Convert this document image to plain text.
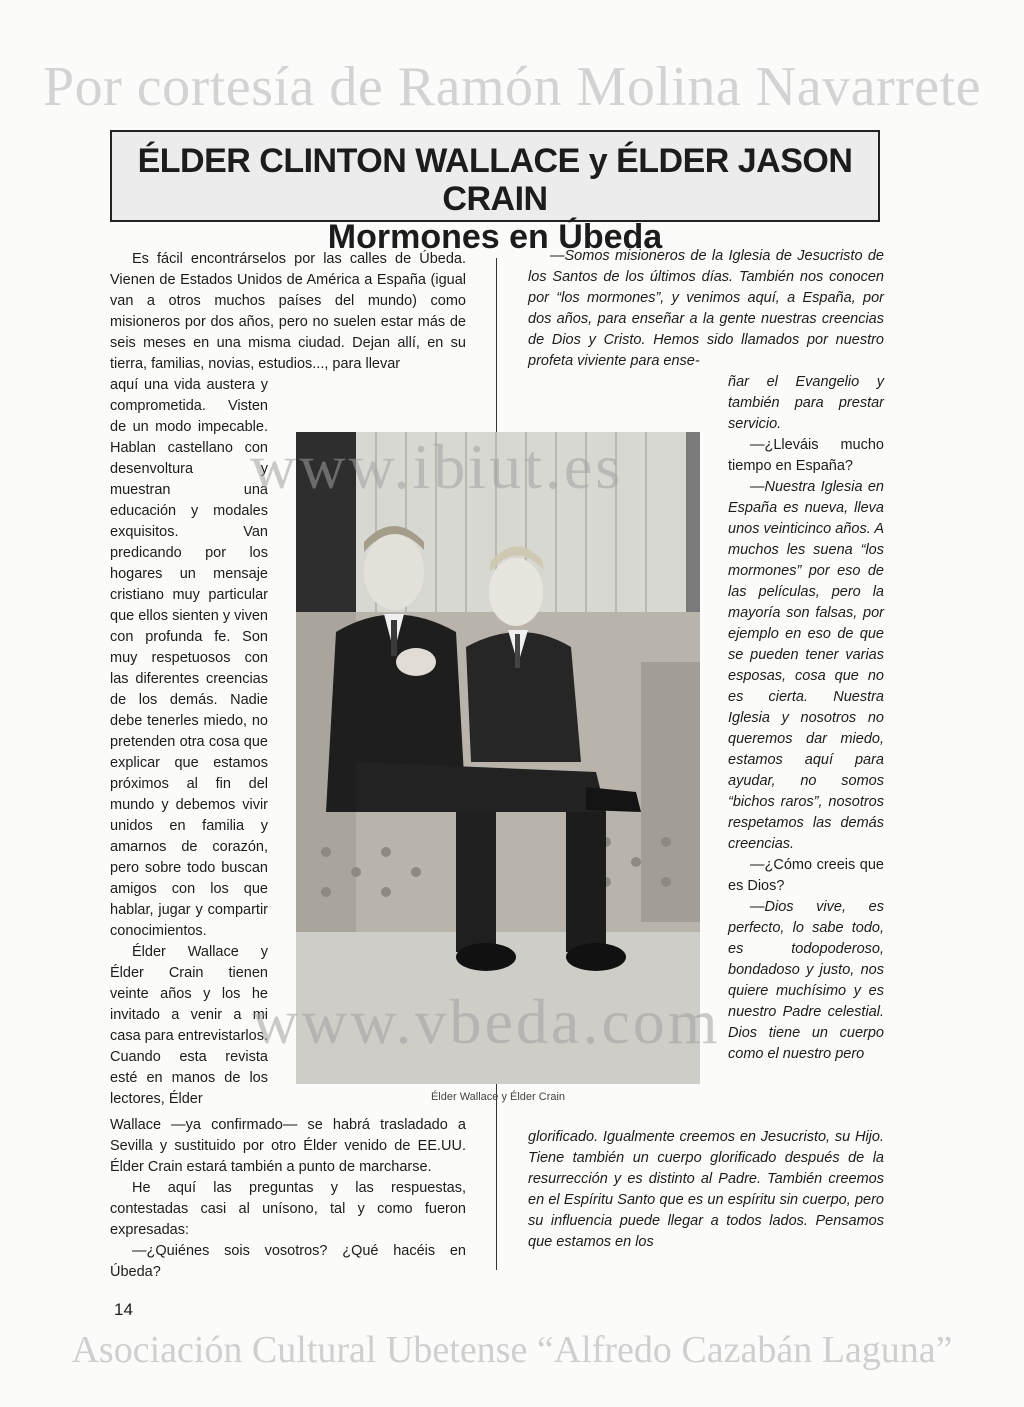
Por cortesía de Ramón Molina Navarrete
ÉLDER CLINTON WALLACE y ÉLDER JASON CRAIN
Mormones en Úbeda

Es fácil encontrárselos por las calles de Úbeda. Vienen de Estados Unidos de América a España (igual van a otros muchos países del mundo) como misioneros por dos años, pero no suelen estar más de seis meses en una misma ciudad. Dejan allí, en su tierra, familias, novias, estudios..., para llevar

aquí una vida austera y comprometida. Visten de un modo impecable. Hablan castellano con desenvoltura y muestran una educación y modales exquisitos. Van predicando por los hogares un mensaje cristiano muy particular que ellos sienten y viven con profunda fe. Son muy respetuosos con las diferentes creencias de los demás. Nadie debe tenerles miedo, no pretenden otra cosa que explicar que estamos próximos al fin del mundo y debemos vivir unidos en familia y amarnos de corazón, pero sobre todo buscan amigos con los que hablar, jugar y compartir conocimientos.

Élder Wallace y Élder Crain tienen veinte años y los he invitado a venir a mi casa para entrevistarlos. Cuando esta revista esté en manos de los lectores, Élder

Wallace —ya confirmado— se habrá trasladado a Sevilla y sustituido por otro Élder venido de EE.UU. Élder Crain estará también a punto de marcharse.

He aquí las preguntas y las respuestas, contestadas casi al unísono, tal y como fueron expresadas:

—¿Quiénes sois vosotros? ¿Qué hacéis en Úbeda?

—Somos misioneros de la Iglesia de Jesucristo de los Santos de los últimos días. También nos conocen por “los mormones”, y venimos aquí, a España, por dos años, para enseñar a la gente nuestras creencias de Dios y Cristo. Hemos sido llamados por nuestro profeta viviente para ense-

ñar el Evangelio y también para prestar servicio.

—¿Lleváis mucho tiempo en España?

—Nuestra Iglesia en España es nueva, lleva unos veinticinco años. A muchos les suena “los mormones” por eso de las películas, pero la mayoría son falsas, por ejemplo en eso de que se pueden tener varias esposas, cosa que no es cierta. Nuestra Iglesia y nosotros no queremos dar miedo, estamos aquí para ayudar, no somos “bichos raros”, nosotros respetamos las demás creencias.

—¿Cómo creeis que es Dios?

—Dios vive, es perfecto, lo sabe todo, es todopoderoso, bondadoso y justo, nos quiere muchísimo y es nuestro Padre celestial. Dios tiene un cuerpo como el nuestro pero

glorificado. Igualmente creemos en Jesucristo, su Hijo. Tiene también un cuerpo glorificado después de la resurrección y es distinto al Padre. También creemos en el Espíritu Santo que es un espíritu sin cuerpo, pero su influencia puede llegar a todos lados. Pensamos que estamos en los

Élder Wallace y Élder Crain
www.ibiut.es
www.vbeda.com
14
Asociación Cultural Ubetense “Alfredo Cazabán Laguna”
